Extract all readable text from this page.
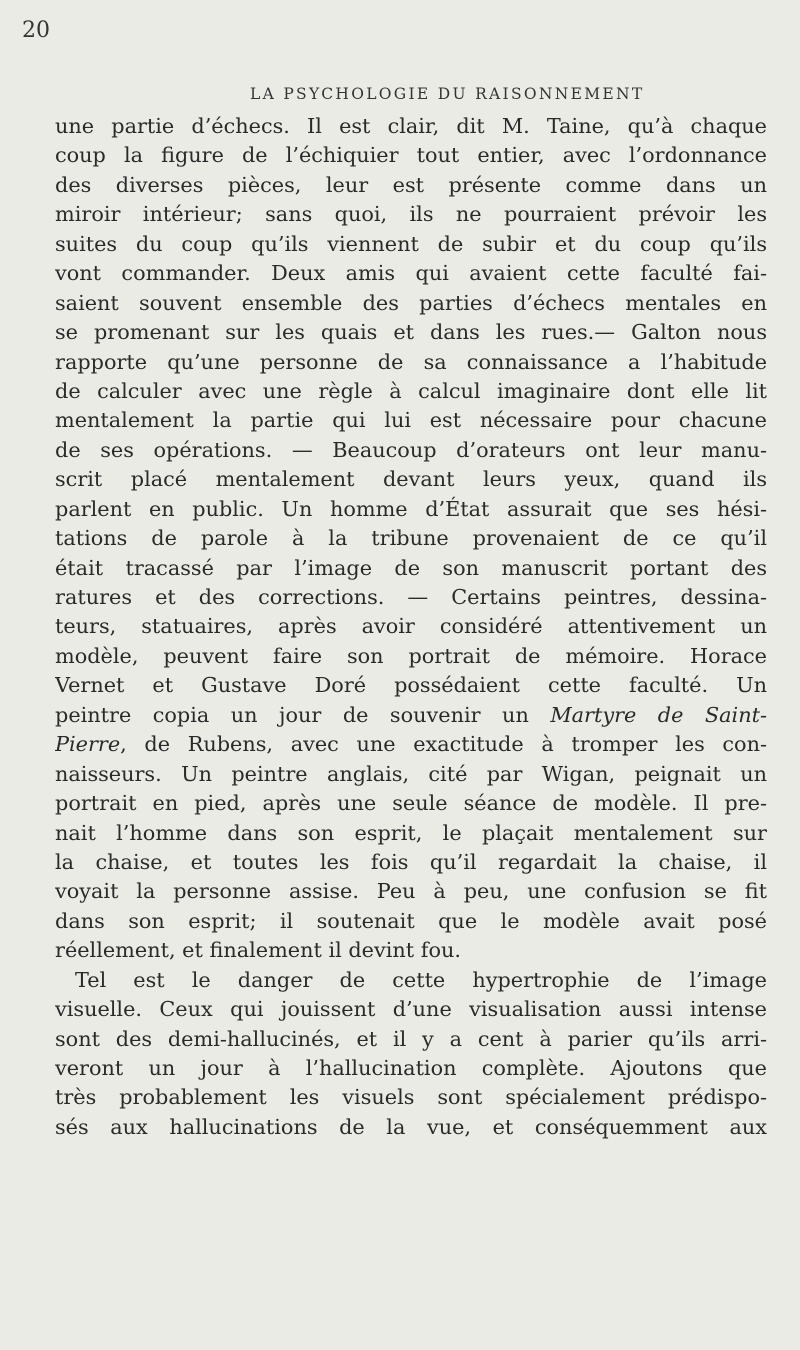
20
LA PSYCHOLOGIE DU RAISONNEMENT
une partie d’échecs. Il est clair, dit M. Taine, qu’à chaque
coup la figure de l’échiquier tout entier, avec l’ordonnance
des diverses pièces, leur est présente comme dans un
miroir intérieur; sans quoi, ils ne pourraient prévoir les
suites du coup qu’ils viennent de subir et du coup qu’ils
vont commander. Deux amis qui avaient cette faculté fai-
saient souvent ensemble des parties d’échecs mentales en
se promenant sur les quais et dans les rues.— Galton nous
rapporte qu’une personne de sa connaissance a l’habitude
de calculer avec une règle à calcul imaginaire dont elle lit
mentalement la partie qui lui est nécessaire pour chacune
de ses opérations. — Beaucoup d’orateurs ont leur manu-
scrit placé mentalement devant leurs yeux, quand ils
parlent en public. Un homme d’État assurait que ses hési-
tations de parole à la tribune provenaient de ce qu’il
était tracassé par l’image de son manuscrit portant des
ratures et des corrections. — Certains peintres, dessina-
teurs, statuaires, après avoir considéré attentivement un
modèle, peuvent faire son portrait de mémoire. Horace
Vernet et Gustave Doré possédaient cette faculté. Un
peintre copia un jour de souvenir un Martyre de Saint-
Pierre, de Rubens, avec une exactitude à tromper les con-
naisseurs. Un peintre anglais, cité par Wigan, peignait un
portrait en pied, après une seule séance de modèle. Il pre-
nait l’homme dans son esprit, le plaçait mentalement sur
la chaise, et toutes les fois qu’il regardait la chaise, il
voyait la personne assise. Peu à peu, une confusion se fit
dans son esprit; il soutenait que le modèle avait posé
réellement, et finalement il devint fou.
Tel est le danger de cette hypertrophie de l’image
visuelle. Ceux qui jouissent d’une visualisation aussi intense
sont des demi-hallucinés, et il y a cent à parier qu’ils arri-
veront un jour à l’hallucination complète. Ajoutons que
très probablement les visuels sont spécialement prédispo-
sés aux hallucinations de la vue, et conséquemment aux
